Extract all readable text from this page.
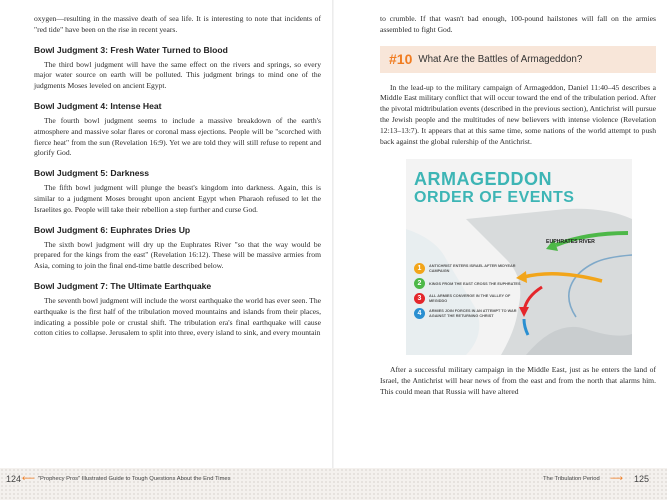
oxygen—resulting in the massive death of sea life. It is interesting to note that incidents of "red tide" have been on the rise in recent years.

Bowl Judgment 3: Fresh Water Turned to Blood

The third bowl judgment will have the same effect on the rivers and springs, so every major water source on earth will be polluted. This judgment brings to mind one of the judgments Moses leveled on ancient Egypt.

Bowl Judgment 4: Intense Heat

The fourth bowl judgment seems to include a massive breakdown of the earth's atmosphere and massive solar flares or coronal mass ejections. People will be "scorched with fierce heat" from the sun (Revelation 16:9). Yet we are told they will still refuse to repent and glorify God.

Bowl Judgment 5: Darkness

The fifth bowl judgment will plunge the beast's kingdom into darkness. Again, this is similar to a judgment Moses brought upon ancient Egypt when Pharaoh refused to let the Israelites go. People will take their rebellion a step further and curse God.

Bowl Judgment 6: Euphrates Dries Up

The sixth bowl judgment will dry up the Euphrates River "so that the way would be prepared for the kings from the east" (Revelation 16:12). These will be massive armies from Asia, coming to join the final end-time battle described below.

Bowl Judgment 7: The Ultimate Earthquake

The seventh bowl judgment will include the worst earthquake the world has ever seen. The earthquake is the first half of the tribulation moved mountains and islands from their places, indicating a possible pole or crustal shift. The tribulation era's final earthquake will cause cotton cities to collapse. Jerusalem to split into three, every island to sink, and every mountain

to crumble. If that wasn't bad enough, 100-pound hailstones will fall on the armies assembled to fight God.

#10 What Are the Battles of Armageddon?

In the lead-up to the military campaign of Armageddon, Daniel 11:40–45 describes a Middle East military conflict that will occur toward the end of the tribulation period. After the pivotal midtribulation events (described in the previous section), Antichrist will pursue the Jewish people and the multitudes of new believers with intense violence (Revelation 12:13–13:7). It appears that at this same time, some nations of the world attempt to push back against the global rulership of the Antichrist.

ARMAGEDDON
ORDER OF EVENTS
EUPHRATES RIVER
1	ANTICHRIST ENTERS ISRAEL AFTER MIDYEAR CAMPAIGN
2	KINGS FROM THE EAST CROSS THE EUPHRATES
3	ALL ARMIES CONVERGE IN THE VALLEY OF MEGIDDO
4	ARMIES JOIN FORCES IN AN ATTEMPT TO WAR AGAINST THE RETURNING CHRIST

After a successful military campaign in the Middle East, just as he enters the land of Israel, the Antichrist will hear news of from the east and from the north that alarms him. This could mean that Russia will have altered

124 ⟵ "Prophecy Pros" Illustrated Guide to Tough Questions About the End Times	The Tribulation Period ⟶ 125
